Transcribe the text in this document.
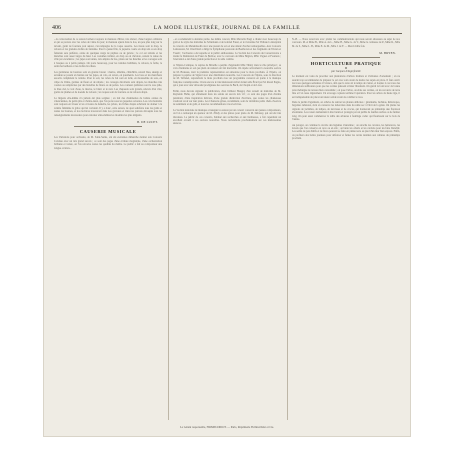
406	LA MODE ILLUSTRÉE, JOURNAL DE LA FAMILLE
...la conversation de ce saison formera toujours le manteau d'hiver, très élancé, d'une largeur ordinaire et qui se portera avec les robes de visite du jour; le manteau ajusté dans le dos, un peu plus long sur le devant, garni de fourrure tout autour, s'accompagne de la toque assortie. Les tissus sont le drap, le velours et les grandes étoffes de fantaisie. Pour la jeune fille, la jaquette courte en drap uni ou en drap fantaisie sera préférée, ornée de quelques rangs de piqûres ou de galons ; le col est rabattu et les manches sont assez larges du haut. Les costumes tailleur, en drap ou en cheviote, restent la tenue de ville par excellence ; les jupes sont unies, très amples du bas, plates sur les hanches et les corsages sont à basques ou à petits paniers. On porte beaucoup, pour les toilettes habillées, le velours, la faille, le satin merveilleux et les étoffes brochées.
Les garnitures de fourrure sont en grande faveur : martre, zibeline, chinchilla, renard bleu, skungs et astrakan se posent en bandes sur les jupes, en cols, en revers, en parements. Les boas et les manchons assortis complètent la toilette. Pour le soir, les robes de bal sont en tulle, en mousseline de soie, en crêpe de Chine, garnies de fleurs et de rubans ; les corsages décolletés sont drapés, les manches très courtes ou remplacées par des bretelles de fleurs ou de perles. Les couleurs préférées sont le rose pâle, le bleu ciel, le vert d'eau, le mauve, le blanc et le noir. Les chapeaux sont grands, relevés d'un côté, garnis de plumes et de noeuds de velours ; les toques sont de fourrure ou de velours drapé.
La lingerie elle-même n'a jamais été plus soignée ; on fait des chemisettes de batiste ornées de valenciennes, de petits plis et d'entre-deux, que l'on porte sous les jaquettes ouvertes. Les cols montants sont toujours en faveur et les cravates de dentelle, les jabots, les fichus drapés achèvent de donner à la toilette féminine la grâce qui lui convient. Il y a donc, cette saison, de quoi satisfaire tous les goûts et toutes les bourses, et nos lectrices trouveront dans nos gravures et dans nos patrons découpés tous les renseignements nécessaires pour exécuter elles-mêmes les modèles les plus élégants.
B. DE LUCET.
CAUSERIE MUSICALE
Les Variations pour orchestre, de M. Saint-Saëns, ont été exécutées dimanche dernier aux Concerts Colonne avec un très grand succès ; ce sont des pages d'une écriture magistrale, d'une orchestration brillante et variée, où l'on retrouve toutes les qualités du maître. Le public a fait au compositeur une longue ovation...
...et a redemandé la dernière partie. Au même concert, Mlle Marcella Pregi a chanté avec beaucoup de goût et de style des mélodies de Schumann et de Gabriel Fauré, et le violoniste M. Thibaud a interprété le concerto de Mendelssohn avec une pureté de son et une sûreté d'archet remarquables. Aux Concerts Lamoureux, M. Chevillard a dirigé la Symphonie pastorale de Beethoven et des fragments de Tristan et Yseult ; l'orchestre a été superbe et le public enthousiaste. La Société des Concerts du Conservatoire a donné la Damnation de Faust de Berlioz, avec le concours de Mme Héglon, MM. Vaguet et Fournets ; l'exécution a été d'une grande perfection et la salle comble.
À l'Opéra-Comique, la reprise de Mireille a permis d'applaudir Mlle Thiéry dans le rôle principal ; sa voix charmante et son jeu plein de naturel ont fait merveille. On répète activement la nouvelle oeuvre de M. Bruneau, dont la première représentation est annoncée pour le mois prochain. À l'Opéra, on prépare la reprise de Sigurd avec une distribution nouvelle. Les Concerts de l'Opéra, sous la direction de M. Taffanel, reprendront le mois prochain avec un programme consacré en partie à la musique française contemporaine. Citons encore le très intéressant récital donné salle Érard par M. Raoul Pugno, qui a joué avec une virtuosité prodigieuse des oeuvres de Bach, de Chopin et de Liszt.
Enfin, nous devons signaler la publication, chez l'éditeur Heugel, d'un recueil de mélodies de M. Reynaldo Hahn, qui obtiennent dans les salons un succès très vif ; ce sont des pages d'un charme pénétrant, d'une inspiration délicate, d'une grande distinction d'écriture, que toutes les chanteuses voudront avoir sur leur piano. Les Chansons grises, notamment, sont de véritables petits chefs-d'oeuvre de sentiment et de goût, et nous les recommandons à nos lectrices.
La Société nationale de musique a inauguré sa saison par un concert consacré aux jeunes compositeurs, où l'on a remarqué un quatuor de M. d'Indy et des pièces pour piano de M. Debussy, qui ont été très discutées. Le public de ces concerts, habitué aux recherches et aux hardiesses, a fait cependant un excellent accueil à ces oeuvres nouvelles. Nous reviendrons prochainement sur ces intéressantes séances.
N.-B. — Nous recevrons avec plaisir les communications qui nous seront adressées au sujet de nos concours. M. et Mme B., Mlle A. de L., Mme H., Mme G. de V., Mme la comtesse de P., Mme R., Mlle M. de S., Mme L. B., Mme E. de M., Mlle J. de F. — Merci mille fois.
M. BRYEN.
HORTICULTURE PRATIQUE
II
par Jacques d'Aigrefeuille
Le moment est venu de procéder aux plantations d'arbres fruitiers et d'arbustes d'ornement ; on ne saurait trop recommander de préparer le sol avec soin avant de mettre les sujets en place. Il faut ouvrir les trous quelques semaines à l'avance, afin que la terre ait le temps de s'aérer, et donner à ces trous des dimensions suffisantes pour que les racines puissent s'étaler librement. On garnit le fond avec de bonne terre mélangée de terreau bien consommé ; on pose l'arbre, on étale ses racines, on les recouvre de terre fine et l'on tasse légèrement. Un arrosage copieux termine l'opération. Pour les arbres de haute tige, il est indispensable de placer un tuteur solide avant de combler le trou.
Dans le jardin d'agrément, on achève de rentrer les plantes délicates : géraniums, fuchsias, héliotropes, bégonias tubéreux, dont on conserve les tubercules dans du sable sec à l'abri de la gelée. On plante les oignons de jacinthes, de tulipes, de narcisses et de crocus, qui donneront au printemps une floraison abondante. Les rosiers demandent à être buttés et protégés par un paillis de feuilles sèches ou de fumier long. On peut aussi commencer la taille des arbustes à feuillage caduc qui fleurissent sur le bois de l'année.
Au potager, on continue la récolte des légumes d'automne ; on arrache les carottes, les betteraves, les navets que l'on conserve en cave ou en silo ; on butte les céleris et les cardons pour les faire blanchir. Les semis de pois hâtifs et de fèves peuvent se faire en pleine terre au pied d'un mur bien exposé. Enfin, on profitera des belles journées pour défoncer et fumer les carrés destinés aux cultures du printemps prochain.
Le Gérant responsable, FIRMIN-DIDOT. — Paris, Imprimerie Firmin-Didot et Cie.
